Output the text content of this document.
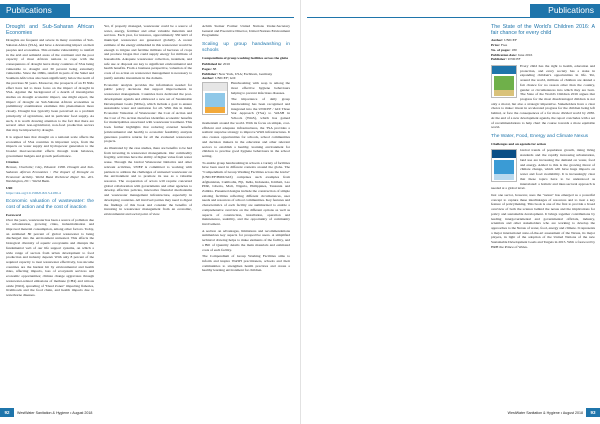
Publications
Drought and Sub-Saharan African Economies

Droughts are frequent and severe in many countries of Sub-Saharan Africa (SSA), and have a devastating impact on their peoples and economies. This extreme vulnerability to rainfall in the arid and semiarid areas of the continent and the poor capacity of most African nations to cope with the consequences of drought leave many countries of SSA being vulnerable to drought and 30 percent being extremely vulnerable. Since the 1960s, rainfall in parts of the Sahel and Southern Africa has also been significantly below the norm of the previous 30 years. Moreover, the prospects of an El Niño effect have led to more focus on the impact of drought in SSA. Against the background of a dearth of investigative studies on drought economic impact, one might expect, the impact of drought on Sub-Saharan African economies as preliminary examination examines this phenomenon more closely. Drought has typically been perceived as a problem principally of agriculture, and in particular food supply. As such, it is worth drawing attention to the fact that there are several other non-agricultural, non-food production sectors that may be impacted by drought.

It is argued here that drought on a national scale affects the economies of SSA countries in important ways, from the impacts on water supply and hydropower generation to the broader macroeconomic effects through trade balances, government budgets and growth performance.

Citation

Benson, Charlotte; Clay, Edward. 1998. Drought and Sub-Saharan African Economies : The Impact of Drought on Economic Activity. World Bank Technical Paper No. 401. Washington, DC : World Bank.

URI

https://doi.org/10.1596/0-8213-4180-4

Economic valuation of wastewater: the cost of action and the cost of inaction

Foreword

Over the years, wastewater has been a source of pollution due to urbanization, growing cities, industrialization and improved material consumption, among other factors. Today, an estimated 80 percent of global wastewater is being discharged into the environment untreated. This affects the biological diversity of aquatic ecosystems and disrupts the fundamental web of our life support systems, on which a wide range of sectors from urban development to food production and industry depend. With only 8 percent of the required capacity to treat wastewater effectively, low-income countries are the hardest hit by environmental and health risks, affecting impacts, loss of ecosystem services and economic opportunities; climate change aggravates through wastewater-related emissions of methane (CH4) and nitrous oxide (N2O), spreading of "Dead Zones" impacting fisheries, livelihoods and the food chain, and health impacts due to waterborne diseases.

Yet, if properly managed, wastewater could be a source of water, energy, fertilizer and other valuable materials and services. Each year, for instance, approximately 330 km3 of municipal wastewater are generated globally. A recent estimate of the energy embedded in this wastewater would be enough to irrigate and fertilize millions of hectares of crops and produce biogas that could supply energy for millions of households. Adequate wastewater collection, treatment, and safe use or disposal are key to significant environmental and health benefits. From a business perspective, valuation of the costs of no action on wastewater management is necessary to justify suitable investment in the domain.

Economic analysis provides the information needed for public policy decisions that support improvements in wastewater management. Countries have dedicated the post-development agenda and embraced a new set of Sustainable Development Goals (SDGs), which include a goal to ensure sustainable water and sanitation for all. With this in mind, Economic Valuation of Wastewater: the Cost of Action and the Cost of No Action therefore identifies economic benefits for municipalities associated with wastewater treatment. This book further highlights that reducing external benefits (environmental and health) to economic feasibility analysis generates positive returns for all the evaluated wastewater projects.

As illustrated by the case studies, there are benefits to be had from investing in wastewater management. Our commodity fragility, activities have the ability of higher value from water reuse. Through the Global Wastewater Initiative and other relevant activities, UNEP is committed to working with partners to address the challenges of untreated wastewater on the environment and to promote its use as a valuable resource. The cooperation of actors will require concerted global collaboration with governments and other agencies to develop effective policies, innovative financial mechanisms and wastewater management infrastructure, especially in developing countries. All involved parties may need to digest the findings of this book and consider the benefits of investing in wastewater management from an economic, environmental and social point of view.

Achim Steiner Former United Nations Under-Secretary General and Executive Director, United Nations Environment Programme

Scaling up group handwashing in schools

Compendium of group washing facilities across the globe

Published in: 2016

Pages: 88

Publisher: New York, USA; Eschborn, Germany

Author: UNICEF; GIZ

Handwashing with soap is among the most effective hygiene behaviours helping to prevent infectious diseases.

The importance of daily group handwashing has been recognised and integrated into the UNICEF / GIZ Three Star Approach (TSA) to WASH in Schools (WinS), which has gained momentum around the world. With its focus on simple, cost-efficient and adequate infrastructures, the TSA provides a realistic stepwise strategy to improve WinS infrastructures. It also creates opportunities for schools, school communities and decision makers in the education and other relevant sectors to establish a healthy, learning environment for children to practise good hygiene behaviours in the school setting.

To enable group handwashing in schools a variety of facilities have been used in different contexts around the globe. The "Compendium of Group Washing Facilities across the Globe" (UNICEF/BMZ/GIZ) comprises such examples from Afghanistan, Cambodia, Fiji, India, Indonesia, Kiribati, Lao PDR, Liberia, Mali, Nigeria, Philippines, Tanzania and Zambia. Presented designs include the construction of simple existing facilities reflecting different circumstances, user needs and resources of school communities. Key features and characteristics of each facility are summarized to enable a comprehensive overview on the different options as well as aspects of construction, installation, operation and maintenance, usability, and the opportunity of community involvement.

A section on advantages, limitations and recommendations summarizes key aspects for prospective users. A simplified technical drawing helps to make elements of the facility, and a Bill of Quantity details the main materials and estimated costs of each facility.

The Compendium of Group Washing Facilities aims to inform and inspire WASH practitioners, schools and their communities to strengthen health practices and create a healthy learning environment for children.

92 WestWater Sanitation & Hygiene • August 2018
Publications
The State of the World's Children 2016: A fair chance for every child

Author: UNICEF

Price: Free

No. of pages: 180

Publication date: June 2016

Publisher: UNICEF

Every child has the right to health, education and protection, and every society has a stake in expanding children's opportunities in life. Yet, around the world, millions of children are denied a fair chance for no reason other than the country, gender or circumstances into which they are born. The State of the World's Children 2016 argues that progress for the most disadvantaged children is not only a moral, but also a strategic imperative. Stakeholders have a clear choice to make: invest in accelerated progress for the children being left behind, or face the consequences of a far more divided world by 2030. At the end of a new development agenda, the report concludes with a set of recommendations to help chart the course towards a more equitable world.

The Water, Food, Energy and Climate Nexus

Challenges and an agenda for action

Global trends of population growth, rising living standards and the rapidly increasing urbanization, land use are increasing the demand on water, food and energy. Added to this is the growing threat of climate change, which will have huge impacts on water and food availability. It is increasingly clear that these topics have to be understood as interrelated: a holistic and inter-sectoral approach is needed at a global level.

Just one sector, however, uses the "nexus" has emerged as a powerful concept to capture these interlinkages of resources and to treat a key feature of policymaking. This book is one of the first to provide a broad overview of both the science behind the nexus and the implications for policy and sustainable development. It brings together contributions by leading intergovernmental and governmental officials, industry, scientists and other stakeholders who are working to develop the approaches to the Nexus of water, food, energy and climate. It represents a major international state-of-the-art assessment of the Nexus, its major players, in light of the adoption of the United Nations of the new Sustainable Development Goals and Targets in 2015. With a foreword by HRH the Prince of Wales.

WestWater Sanitation & Hygiene • August 2018 93
